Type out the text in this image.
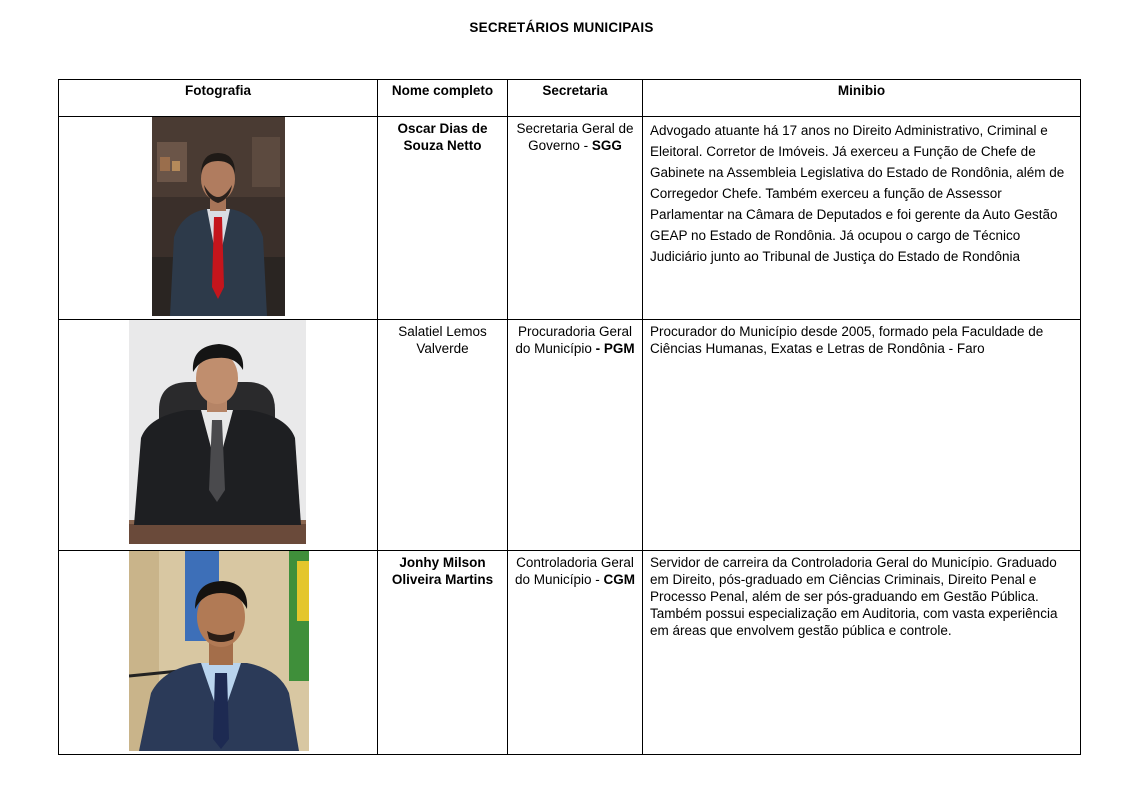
SECRETÁRIOS MUNICIPAIS
Fotografia	Nome completo	Secretaria	Minibio

	Oscar Dias de Souza Netto	Secretaria Geral de Governo - SGG	Advogado atuante há 17 anos no Direito Administrativo, Criminal e Eleitoral. Corretor de Imóveis. Já exerceu a Função de Chefe de Gabinete na Assembleia Legislativa do Estado de Rondônia, além de Corregedor Chefe. Também exerceu a função de Assessor Parlamentar na Câmara de Deputados e foi gerente da Auto Gestão GEAP no Estado de Rondônia. Já ocupou o cargo de Técnico Judiciário junto ao Tribunal de Justiça do Estado de Rondônia

	Salatiel Lemos Valverde	Procuradoria Geral do Município - PGM	Procurador do Município desde 2005, formado pela Faculdade de Ciências Humanas, Exatas e Letras de Rondônia - Faro

	Jonhy Milson Oliveira Martins	Controladoria Geral do Município - CGM	Servidor de carreira da Controladoria Geral do Município. Graduado em Direito, pós-graduado em Ciências Criminais, Direito Penal e Processo Penal, além de ser pós-graduando em Gestão Pública. Também possui especialização em Auditoria, com vasta experiência em áreas que envolvem gestão pública e controle.
